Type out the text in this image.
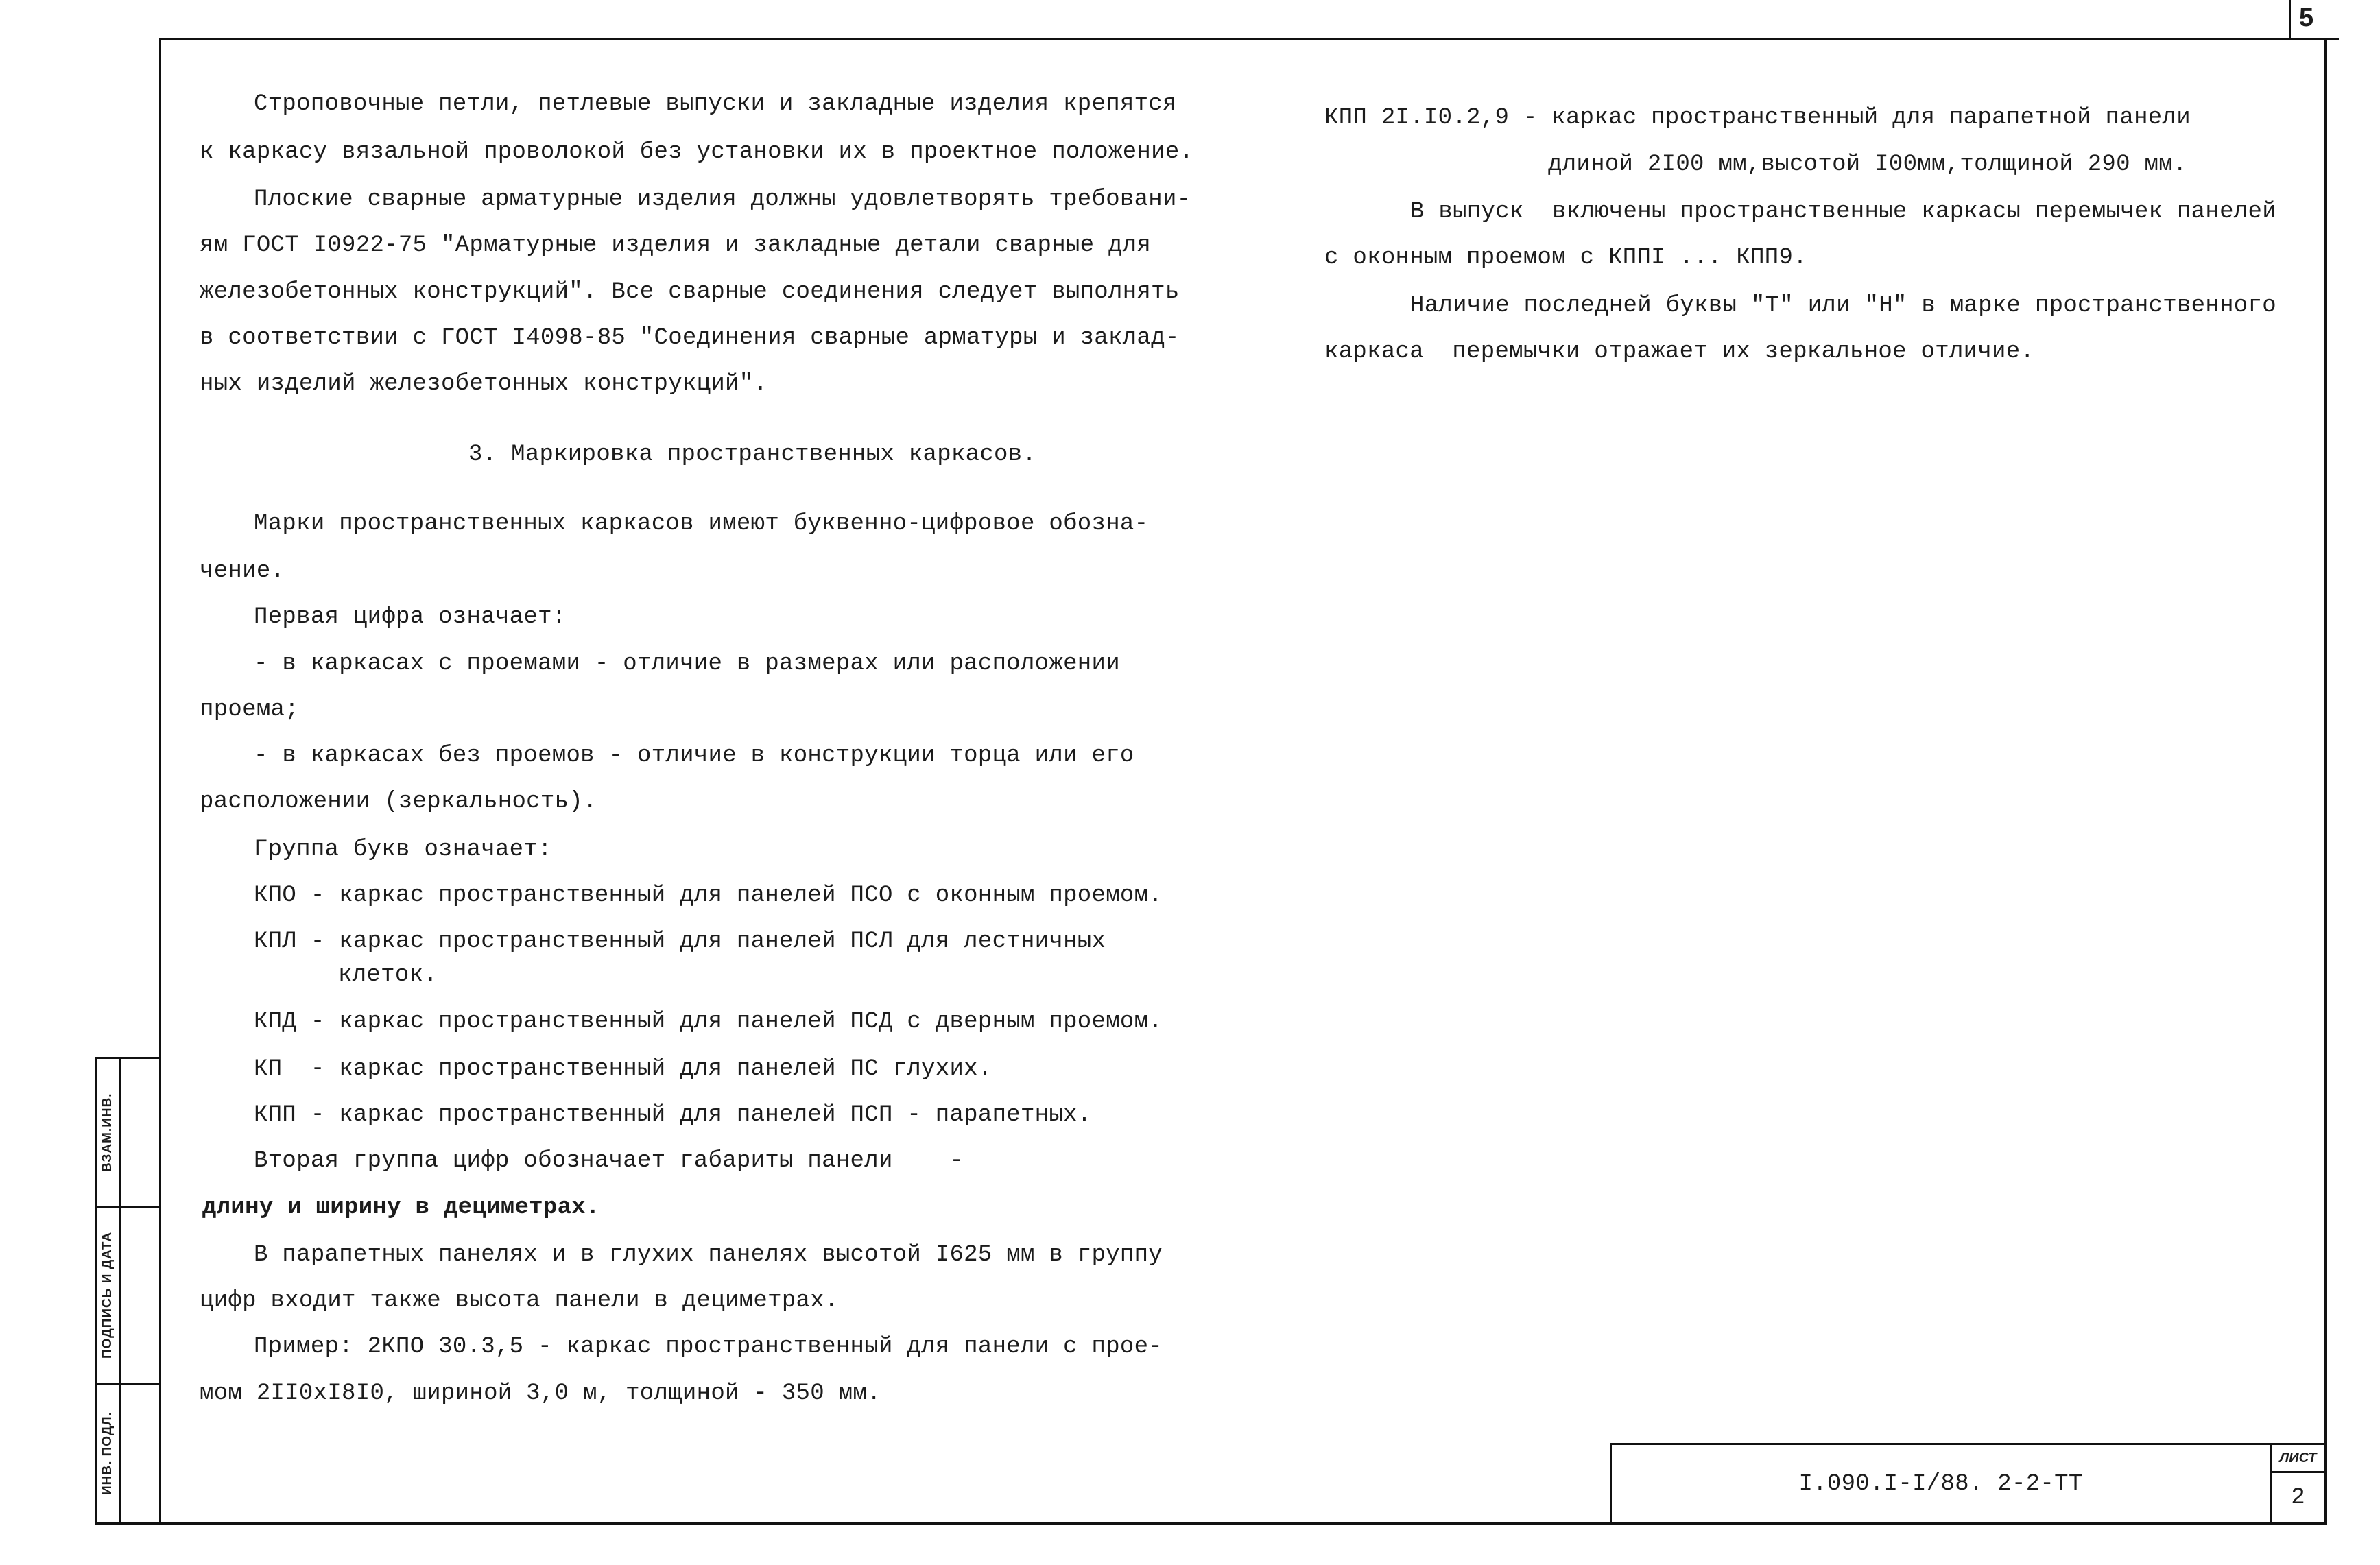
5
Строповочные петли, петлевые выпуски и закладные изделия крепятся
к каркасу вязальной проволокой без установки их в проектное положение.
Плоские сварные арматурные изделия должны удовлетворять требовани-
ям ГОСТ I0922-75 "Арматурные изделия и закладные детали сварные для
железобетонных конструкций". Все сварные соединения следует выполнять
в соответствии с ГОСТ I4098-85 "Соединения сварные арматуры и заклад-
ных изделий железобетонных конструкций".
3. Маркировка пространственных каркасов.
Марки пространственных каркасов имеют буквенно-цифровое обозна-
чение.
Первая цифра означает:
- в каркасах с проемами - отличие в размерах или расположении
проема;
- в каркасах без проемов - отличие в конструкции торца или его
расположении (зеркальность).
Группа букв означает:
КПО - каркас пространственный для панелей ПСО с оконным проемом.
КПЛ - каркас пространственный для панелей ПСЛ для лестничных
клеток.
КПД - каркас пространственный для панелей ПСД с дверным проемом.
КП  - каркас пространственный для панелей ПС глухих.
КПП - каркас пространственный для панелей ПСП - парапетных.
Вторая группа цифр обозначает габариты панели    -
длину и ширину в дециметрах.
В парапетных панелях и в глухих панелях высотой I625 мм в группу
цифр входит также высота панели в дециметрах.
Пример: 2КПО 30.3,5 - каркас пространственный для панели с прое-
мом 2II0xI8I0, шириной 3,0 м, толщиной - 350 мм.
КПП 2I.I0.2,9 - каркас пространственный для парапетной панели
длиной 2I00 мм,высотой I00мм,толщиной 290 мм.
В выпуск  включены пространственные каркасы перемычек панелей
с оконным проемом с КППI ... КПП9.
Наличие последней буквы "Т" или "Н" в марке пространственного
каркаса  перемычки отражает их зеркальное отличие.
ВЗАМ.ИНВ.
ПОДПИСЬ И ДАТА
ИНВ. ПОДЛ.	I.090.I-I/88. 2-2-ТТ
ЛИСТ
2
